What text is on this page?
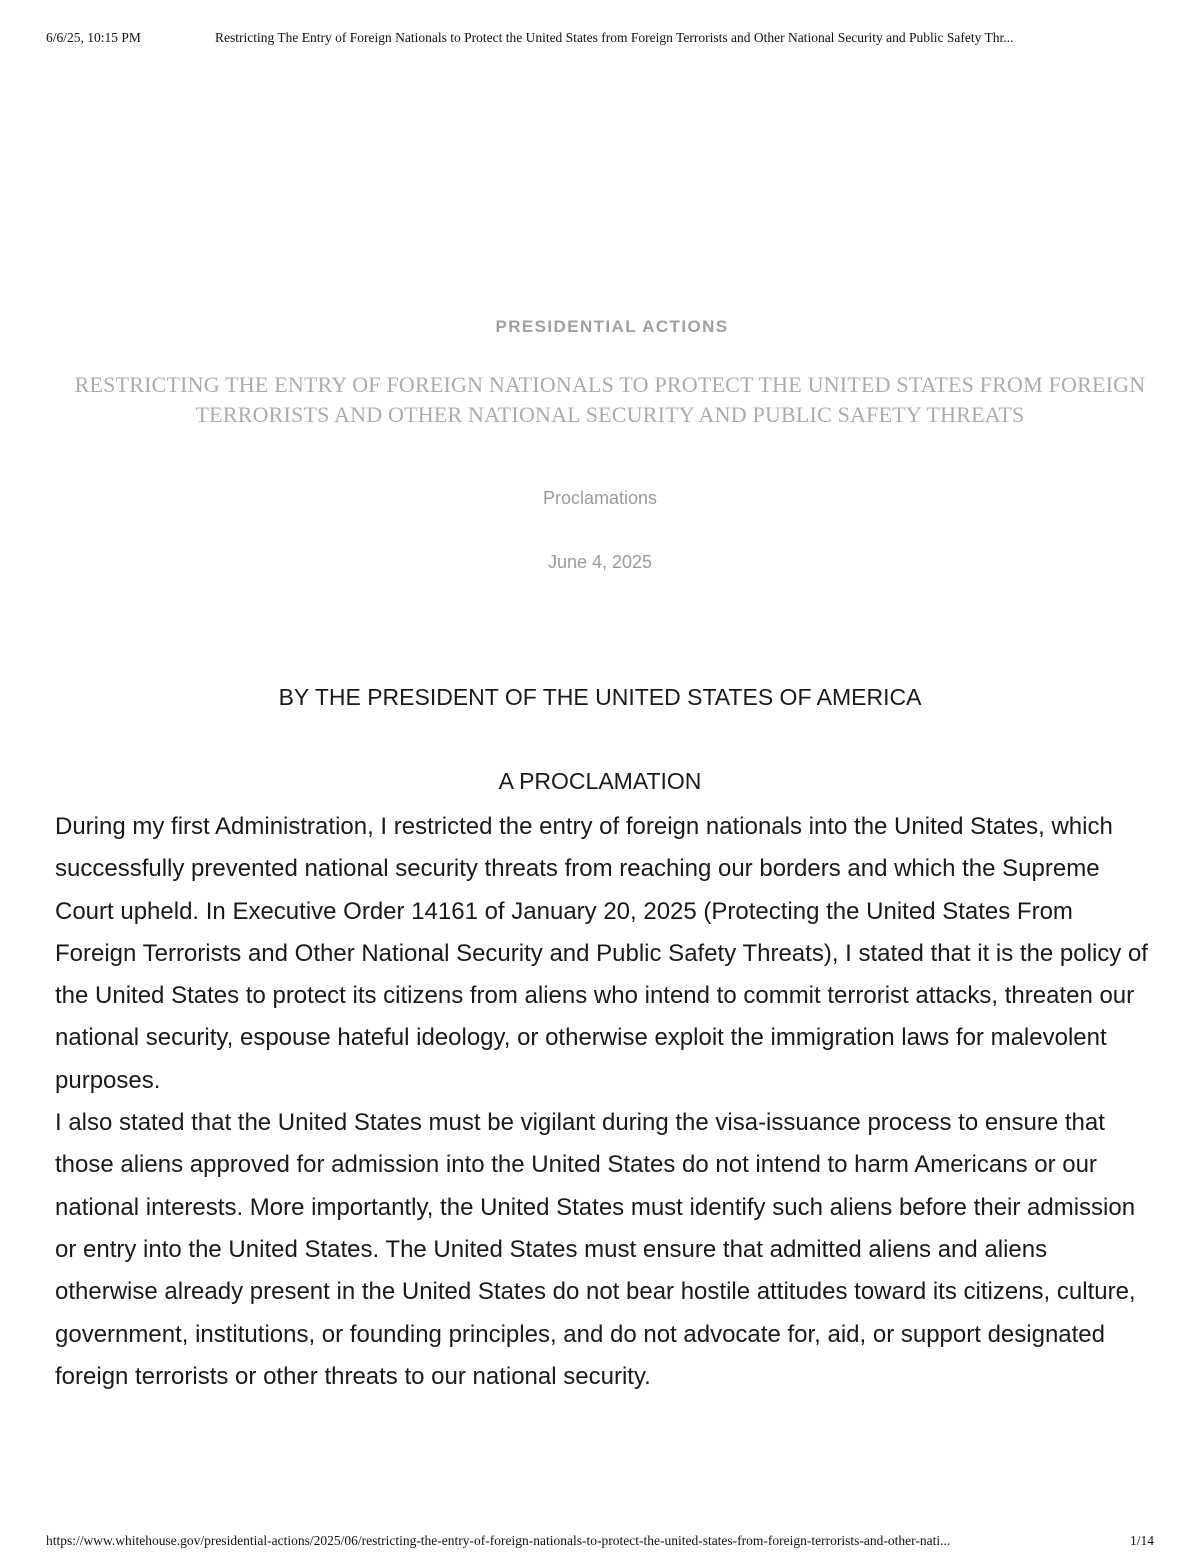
6/6/25, 10:15 PM	Restricting The Entry of Foreign Nationals to Protect the United States from Foreign Terrorists and Other National Security and Public Safety Thr...
PRESIDENTIAL ACTIONS
RESTRICTING THE ENTRY OF FOREIGN NATIONALS TO PROTECT THE UNITED STATES FROM FOREIGN TERRORISTS AND OTHER NATIONAL SECURITY AND PUBLIC SAFETY THREATS
Proclamations
June 4, 2025
BY THE PRESIDENT OF THE UNITED STATES OF AMERICA
A PROCLAMATION

During my first Administration, I restricted the entry of foreign nationals into the United States, which successfully prevented national security threats from reaching our borders and which the Supreme Court upheld. In Executive Order 14161 of January 20, 2025 (Protecting the United States From Foreign Terrorists and Other National Security and Public Safety Threats), I stated that it is the policy of the United States to protect its citizens from aliens who intend to commit terrorist attacks, threaten our national security, espouse hateful ideology, or otherwise exploit the immigration laws for malevolent purposes.

I also stated that the United States must be vigilant during the visa-issuance process to ensure that those aliens approved for admission into the United States do not intend to harm Americans or our national interests. More importantly, the United States must identify such aliens before their admission or entry into the United States. The United States must ensure that admitted aliens and aliens otherwise already present in the United States do not bear hostile attitudes toward its citizens, culture, government, institutions, or founding principles, and do not advocate for, aid, or support designated foreign terrorists or other threats to our national security.

https://www.whitehouse.gov/presidential-actions/2025/06/restricting-the-entry-of-foreign-nationals-to-protect-the-united-states-from-foreign-terrorists-and-other-nati...	1/14
